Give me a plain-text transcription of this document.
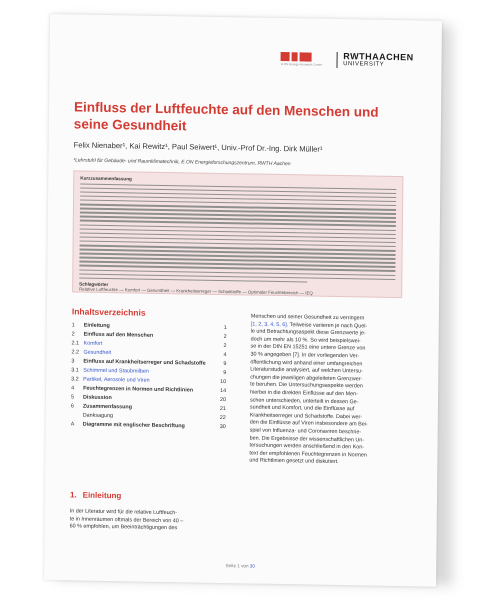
E.ON Energy Research Center
RWTHAACHEN
UNIVERSITY
Einfluss der Luftfeuchte auf den Menschen und seine Gesundheit
Felix Nienaber¹, Kai Rewitz¹, Paul Seiwert¹, Univ.-Prof Dr.-Ing. Dirk Müller¹
¹Lehrstuhl für Gebäude- und Raumklimatechnik, E.ON Energieforschungszentrum, RWTH Aachen
Kurzzusammenfassung
Schlagwörter
Relative Luftfeuchte — Komfort — Gesundheit — Krankheitserreger — Schadstoffe — Optimaler Feuchtebereich — IEQ
Inhaltsverzeichnis
1	Einleitung	1
2	Einfluss auf den Menschen	2
2.1 Komfort	2
2.2 Gesundheit	4
3	Einfluss auf Krankheitserreger und Schadstoffe	9
3.1 Schimmel und Staubmilben	9
3.2 Partikel, Aerosole und Viren	10
4	Feuchtegrenzen in Normen und Richtlinien	14
5	Diskussion	20
6	Zusammenfassung	21
Danksagung	22
A	Diagramme mit englischer Beschriftung	30
1. Einleitung
In der Literatur wird für die relative Luftfeuch-
te in Innenräumen oftmals der Bereich von 40 –
60 % empfohlen, um Beeinträchtigungen des
Menschen und seiner Gesundheit zu verringern
[1, 2, 3, 4, 5, 6]. Teilweise variieren je nach Quel-
le und Betrachtungsaspekt diese Grenzwerte je-
doch um mehr als 10 %. So wird beispielswei-
se in der DIN EN 15251 eine untere Grenze von
30 % angegeben [7]. In der vorliegenden Ver-
öffentlichung wird anhand einer umfangreichen
Literaturstudie analysiert, auf welchen Untersu-
chungen die jeweiligen abgeleiteten Grenzwer-
te beruhen. Die Untersuchungsaspekte werden
hierbei in die direkten Einflüsse auf den Men-
schen unterschieden, unterteilt in dessen Ge-
sundheit und Komfort, und die Einflüsse auf
Krankheitserreger und Schadstoffe. Dabei wer-
den die Einflüsse auf Viren insbesondere am Bei-
spiel von Influenza- und Coronaviren beschrie-
ben. Die Ergebnisse der wissenschaftlichen Un-
tersuchungen werden anschließend in den Kon-
text der empfohlenen Feuchtegrenzen in Normen
und Richtlinien gesetzt und diskutiert.
Seite 1 von 30
